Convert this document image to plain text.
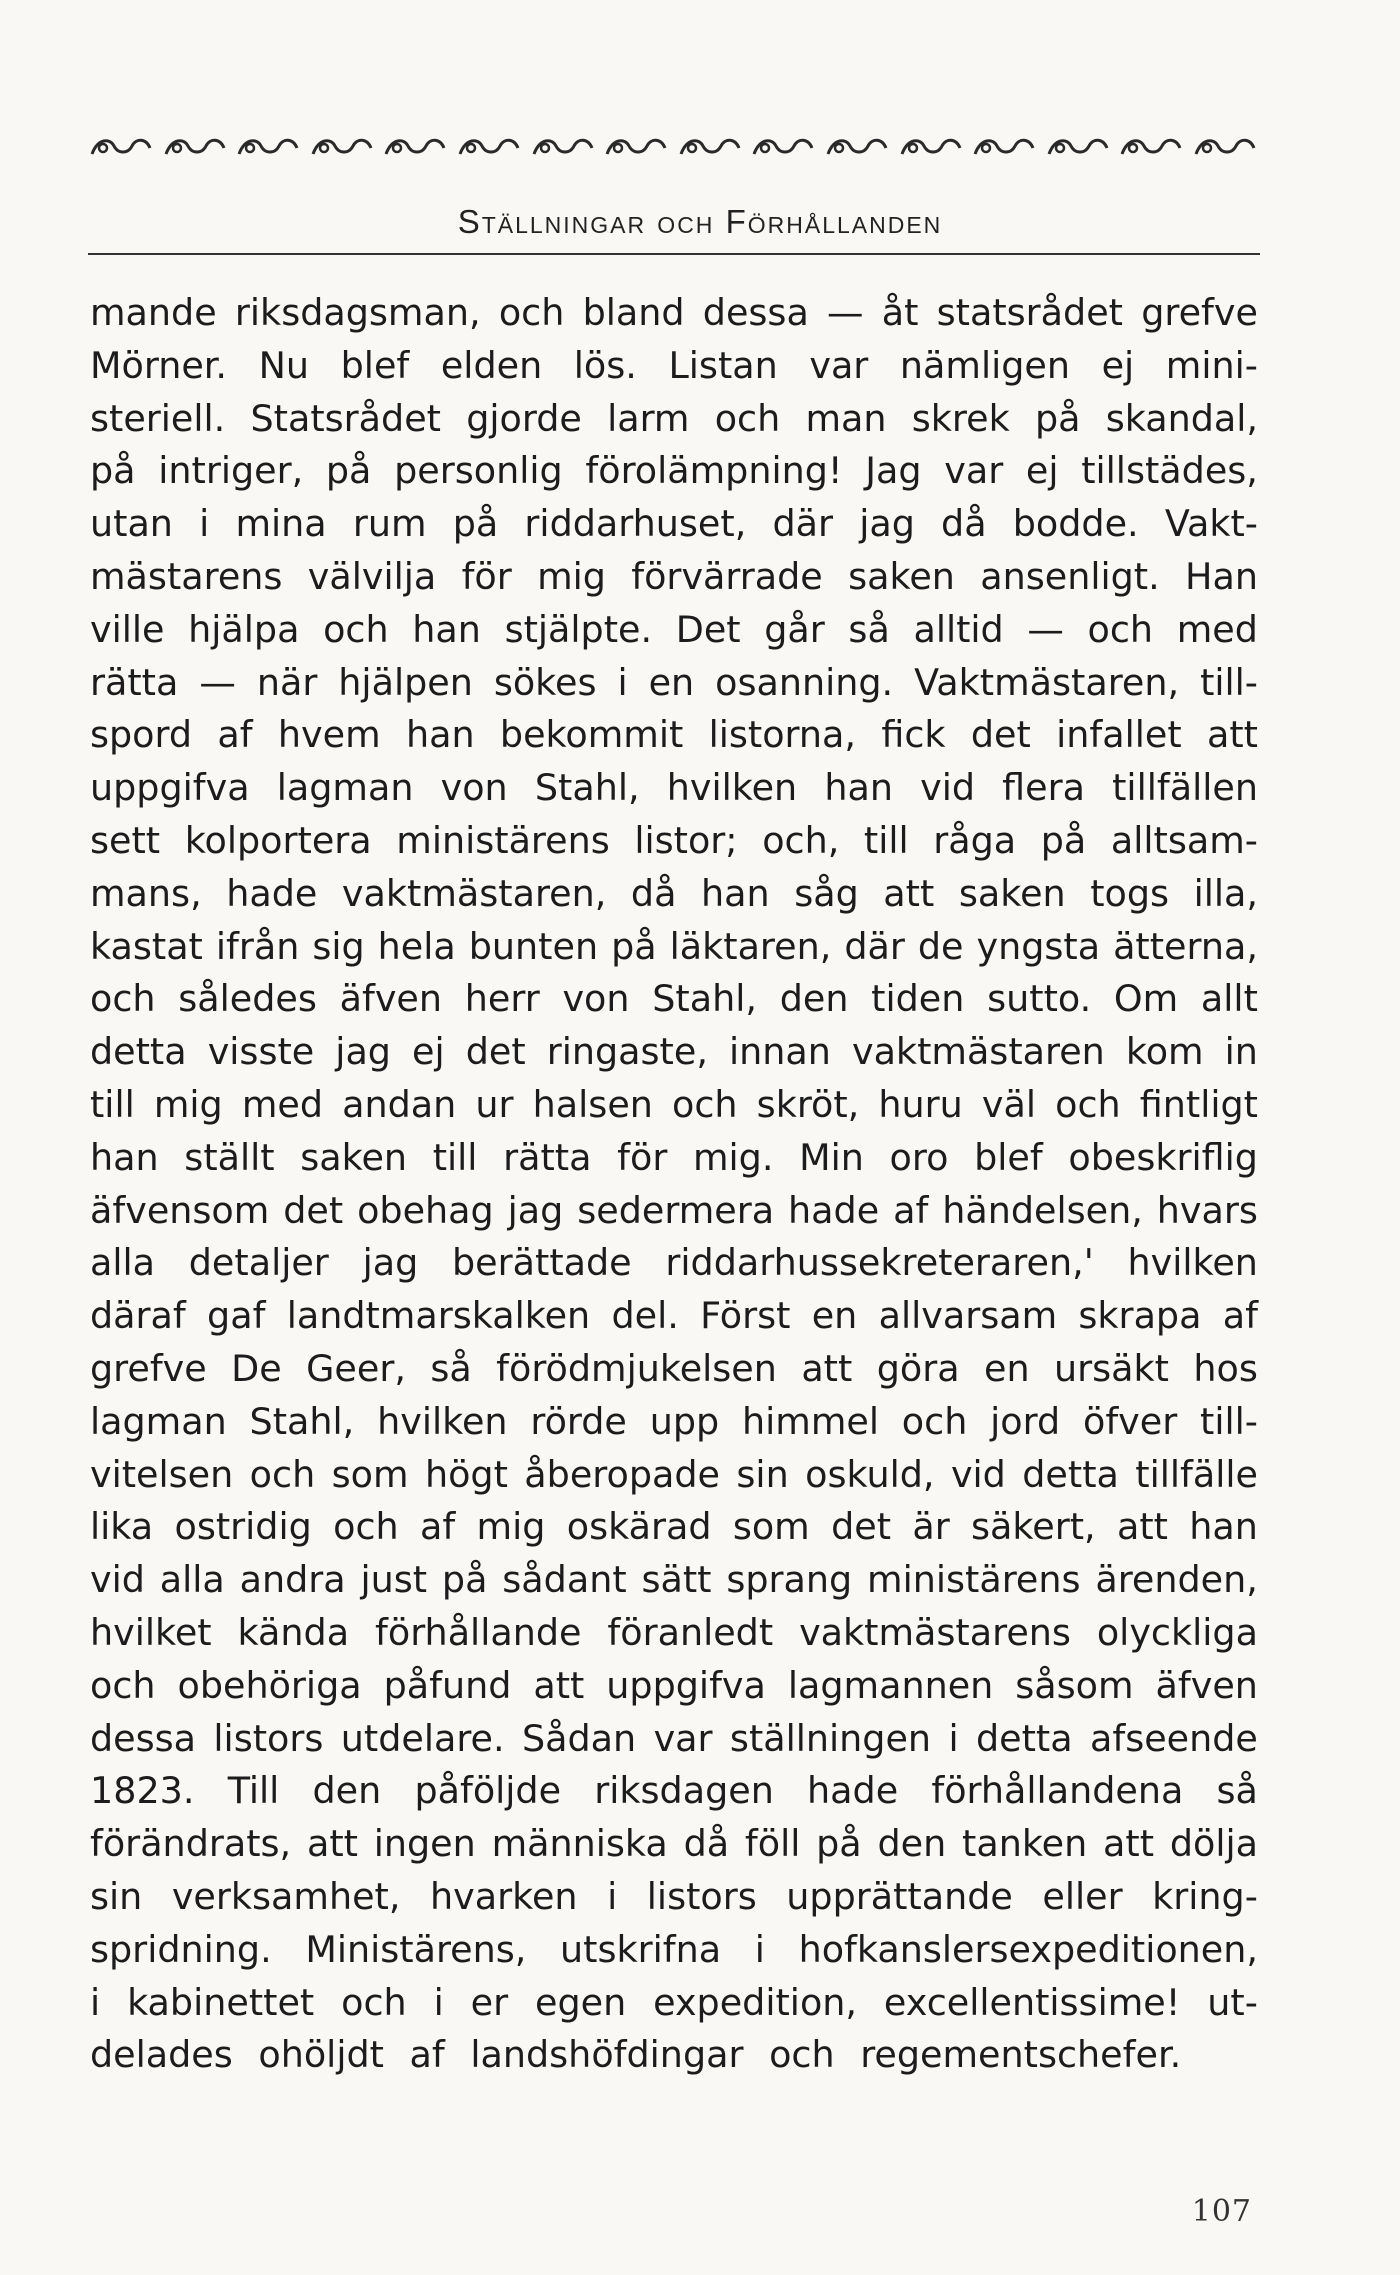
Ställningar och Förhållanden
mande riksdagsman, och bland dessa — åt statsrådet grefve
Mörner. Nu blef elden lös. Listan var nämligen ej mini-
steriell. Statsrådet gjorde larm och man skrek på skandal,
på intriger, på personlig förolämpning! Jag var ej tillstädes,
utan i mina rum på riddarhuset, där jag då bodde. Vakt-
mästarens välvilja för mig förvärrade saken ansenligt. Han
ville hjälpa och han stjälpte. Det går så alltid — och med
rätta — när hjälpen sökes i en osanning. Vaktmästaren, till-
spord af hvem han bekommit listorna, fick det infallet att
uppgifva lagman von Stahl, hvilken han vid flera tillfällen
sett kolportera ministärens listor; och, till råga på alltsam-
mans, hade vaktmästaren, då han såg att saken togs illa,
kastat ifrån sig hela bunten på läktaren, där de yngsta ätterna,
och således äfven herr von Stahl, den tiden sutto. Om allt
detta visste jag ej det ringaste, innan vaktmästaren kom in
till mig med andan ur halsen och skröt, huru väl och fintligt
han ställt saken till rätta för mig. Min oro blef obeskriflig
äfvensom det obehag jag sedermera hade af händelsen, hvars
alla detaljer jag berättade riddarhussekreteraren,' hvilken
däraf gaf landtmarskalken del. Först en allvarsam skrapa af
grefve De Geer, så förödmjukelsen att göra en ursäkt hos
lagman Stahl, hvilken rörde upp himmel och jord öfver till-
vitelsen och som högt åberopade sin oskuld, vid detta tillfälle
lika ostridig och af mig oskärad som det är säkert, att han
vid alla andra just på sådant sätt sprang ministärens ärenden,
hvilket kända förhållande föranledt vaktmästarens olyckliga
och obehöriga påfund att uppgifva lagmannen såsom äfven
dessa listors utdelare. Sådan var ställningen i detta afseende
1823. Till den påföljde riksdagen hade förhållandena så
förändrats, att ingen människa då föll på den tanken att dölja
sin verksamhet, hvarken i listors upprättande eller kring-
spridning. Ministärens, utskrifna i hofkanslersexpeditionen,
i kabinettet och i er egen expedition, excellentissime! ut-
delades ohöljdt af landshöfdingar och regementschefer.
107
